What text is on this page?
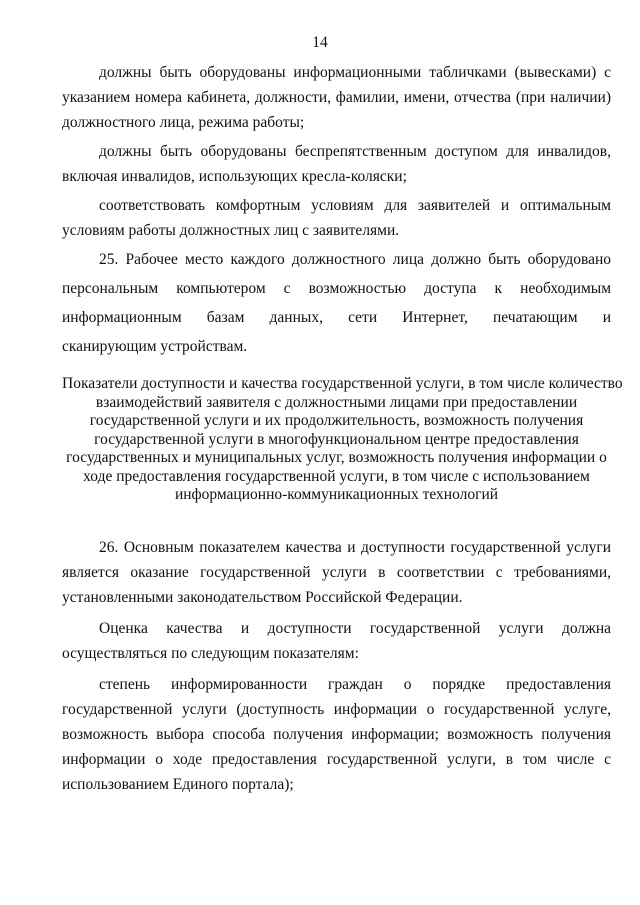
14

должны быть оборудованы информационными табличками (вывесками) с
указанием номера кабинета, должности, фамилии, имени, отчества (при наличии)
должностного лица, режима работы;

должны быть оборудованы беспрепятственным доступом для инвалидов,
включая инвалидов, использующих кресла-коляски;

соответствовать комфортным условиям для заявителей и оптимальным
условиям работы должностных лиц с заявителями.

25. Рабочее место каждого должностного лица должно быть оборудовано
персональным компьютером с возможностью доступа к необходимым
информационным базам данных, сети Интернет, печатающим и
сканирующим устройствам.

Показатели доступности и качества государственной услуги, в том числе количество
взаимодействий заявителя с должностными лицами при предоставлении
государственной услуги и их продолжительность, возможность получения
государственной услуги в многофункциональном центре предоставления
государственных и муниципальных услуг, возможность получения информации о
ходе предоставления государственной услуги, в том числе с использованием
информационно-коммуникационных технологий

26. Основным показателем качества и доступности государственной услуги
является оказание государственной услуги в соответствии с требованиями,
установленными законодательством Российской Федерации.

Оценка качества и доступности государственной услуги должна
осуществляться по следующим показателям:

степень информированности граждан о порядке предоставления
государственной услуги (доступность информации о государственной услуге,
возможность выбора способа получения информации; возможность получения
информации о ходе предоставления государственной услуги, в том числе с
использованием Единого портала);
